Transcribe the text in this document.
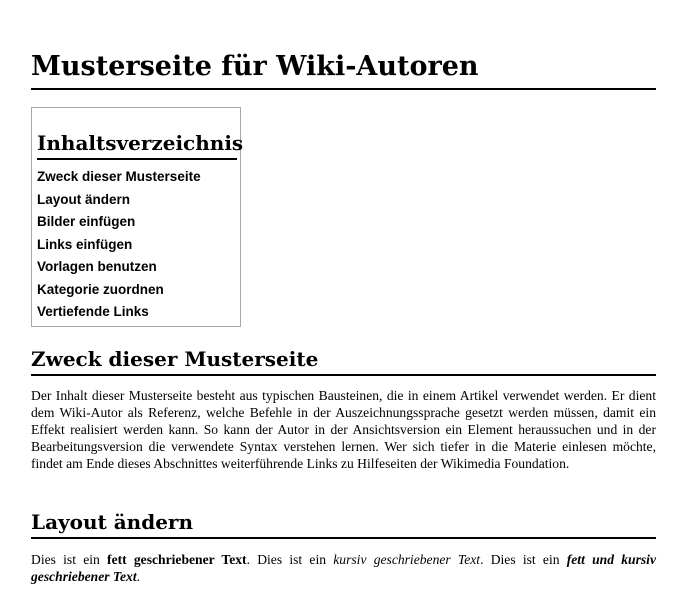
Musterseite für Wiki-Autoren
Inhaltsverzeichnis
Zweck dieser Musterseite
Layout ändern
Bilder einfügen
Links einfügen
Vorlagen benutzen
Kategorie zuordnen
Vertiefende Links
Zweck dieser Musterseite

Der Inhalt dieser Musterseite besteht aus typischen Bausteinen, die in einem Artikel verwendet werden. Er dient dem Wiki-Autor als Referenz, welche Befehle in der Auszeichnungssprache gesetzt werden müssen, damit ein Effekt realisiert werden kann. So kann der Autor in der Ansichtsversion ein Element heraussuchen und in der Bearbeitungsversion die verwendete Syntax verstehen lernen. Wer sich tiefer in die Materie einlesen möchte, findet am Ende dieses Abschnittes weiterführende Links zu Hilfeseiten der Wikimedia Foundation.

Layout ändern

Dies ist ein fett geschriebener Text. Dies ist ein kursiv geschriebener Text. Dies ist ein fett und kursiv geschriebener Text.
